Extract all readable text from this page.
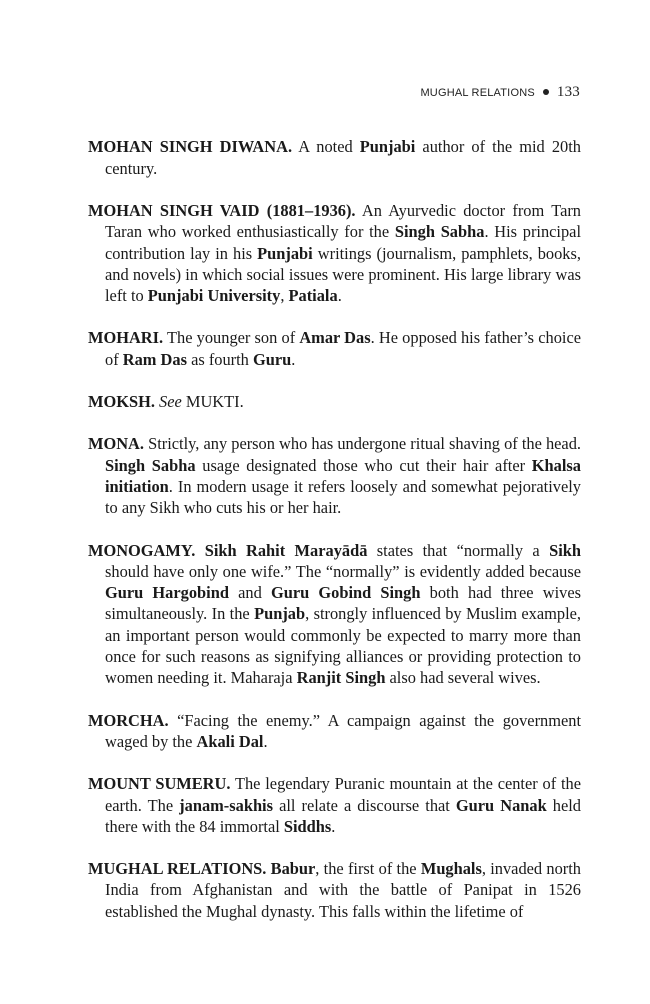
MUGHAL RELATIONS 133

MOHAN SINGH DIWANA. A noted Punjabi author of the mid 20th century.

MOHAN SINGH VAID (1881–1936). An Ayurvedic doctor from Tarn Taran who worked enthusiastically for the Singh Sabha. His principal contribution lay in his Punjabi writings (journalism, pamphlets, books, and novels) in which social issues were prominent. His large library was left to Punjabi University, Patiala.

MOHARI. The younger son of Amar Das. He opposed his father’s choice of Ram Das as fourth Guru.

MOKSH. See MUKTI.

MONA. Strictly, any person who has undergone ritual shaving of the head. Singh Sabha usage designated those who cut their hair after Khalsa initiation. In modern usage it refers loosely and somewhat pejoratively to any Sikh who cuts his or her hair.

MONOGAMY. Sikh Rahit Marayādā states that “normally a Sikh should have only one wife.” The “normally” is evidently added because Guru Hargobind and Guru Gobind Singh both had three wives simultaneously. In the Punjab, strongly influenced by Muslim example, an important person would commonly be expected to marry more than once for such reasons as signifying alliances or providing protection to women needing it. Maharaja Ranjit Singh also had several wives.

MORCHA. “Facing the enemy.” A campaign against the government waged by the Akali Dal.

MOUNT SUMERU. The legendary Puranic mountain at the center of the earth. The janam-sakhis all relate a discourse that Guru Nanak held there with the 84 immortal Siddhs.

MUGHAL RELATIONS. Babur, the first of the Mughals, invaded north India from Afghanistan and with the battle of Panipat in 1526 established the Mughal dynasty. This falls within the lifetime of
